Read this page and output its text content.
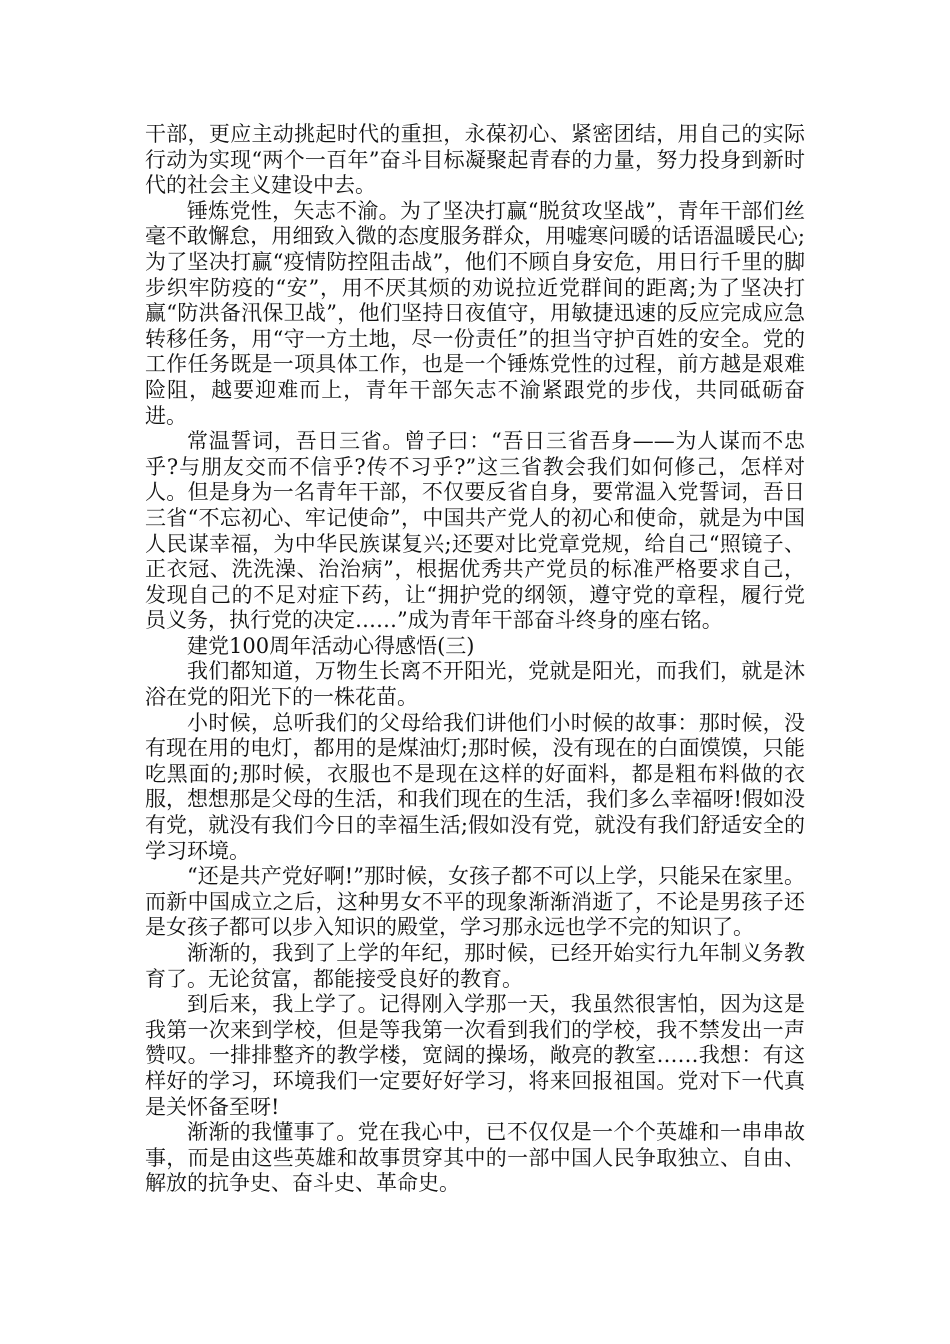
干部，更应主动挑起时代的重担，永葆初心、紧密团结，用自己的实际行动为实现“两个一百年”奋斗目标凝聚起青春的力量，努力投身到新时代的社会主义建设中去。

锤炼党性，矢志不渝。为了坚决打赢“脱贫攻坚战”，青年干部们丝毫不敢懈怠，用细致入微的态度服务群众，用嘘寒问暖的话语温暖民心;为了坚决打赢“疫情防控阻击战”，他们不顾自身安危，用日行千里的脚步织牢防疫的“安”，用不厌其烦的劝说拉近党群间的距离;为了坚决打赢“防洪备汛保卫战”，他们坚持日夜值守，用敏捷迅速的反应完成应急转移任务，用“守一方土地，尽一份责任”的担当守护百姓的安全。党的工作任务既是一项具体工作，也是一个锤炼党性的过程，前方越是艰难险阻，越要迎难而上，青年干部矢志不渝紧跟党的步伐，共同砥砺奋进。

常温誓词，吾日三省。曾子曰：“吾日三省吾身——为人谋而不忠乎?与朋友交而不信乎?传不习乎?”这三省教会我们如何修己，怎样对人。但是身为一名青年干部，不仅要反省自身，要常温入党誓词，吾日三省“不忘初心、牢记使命”，中国共产党人的初心和使命，就是为中国人民谋幸福，为中华民族谋复兴;还要对比党章党规，给自己“照镜子、正衣冠、洗洗澡、治治病”，根据优秀共产党员的标准严格要求自己，发现自己的不足对症下药，让“拥护党的纲领，遵守党的章程，履行党员义务，执行党的决定……”成为青年干部奋斗终身的座右铭。

建党100周年活动心得感悟(三)

我们都知道，万物生长离不开阳光，党就是阳光，而我们，就是沐浴在党的阳光下的一株花苗。

小时候，总听我们的父母给我们讲他们小时候的故事：那时候，没有现在用的电灯，都用的是煤油灯;那时候，没有现在的白面馍馍，只能吃黑面的;那时候，衣服也不是现在这样的好面料，都是粗布料做的衣服，想想那是父母的生活，和我们现在的生活，我们多么幸福呀!假如没有党，就没有我们今日的幸福生活;假如没有党，就没有我们舒适安全的学习环境。

“还是共产党好啊!”那时候，女孩子都不可以上学，只能呆在家里。而新中国成立之后，这种男女不平的现象渐渐消逝了，不论是男孩子还是女孩子都可以步入知识的殿堂，学习那永远也学不完的知识了。

渐渐的，我到了上学的年纪，那时候，已经开始实行九年制义务教育了。无论贫富，都能接受良好的教育。

到后来，我上学了。记得刚入学那一天，我虽然很害怕，因为这是我第一次来到学校，但是等我第一次看到我们的学校，我不禁发出一声赞叹。一排排整齐的教学楼，宽阔的操场，敞亮的教室……我想：有这样好的学习，环境我们一定要好好学习，将来回报祖国。党对下一代真是关怀备至呀!

渐渐的我懂事了。党在我心中，已不仅仅是一个个英雄和一串串故事，而是由这些英雄和故事贯穿其中的一部中国人民争取独立、自由、解放的抗争史、奋斗史、革命史。
